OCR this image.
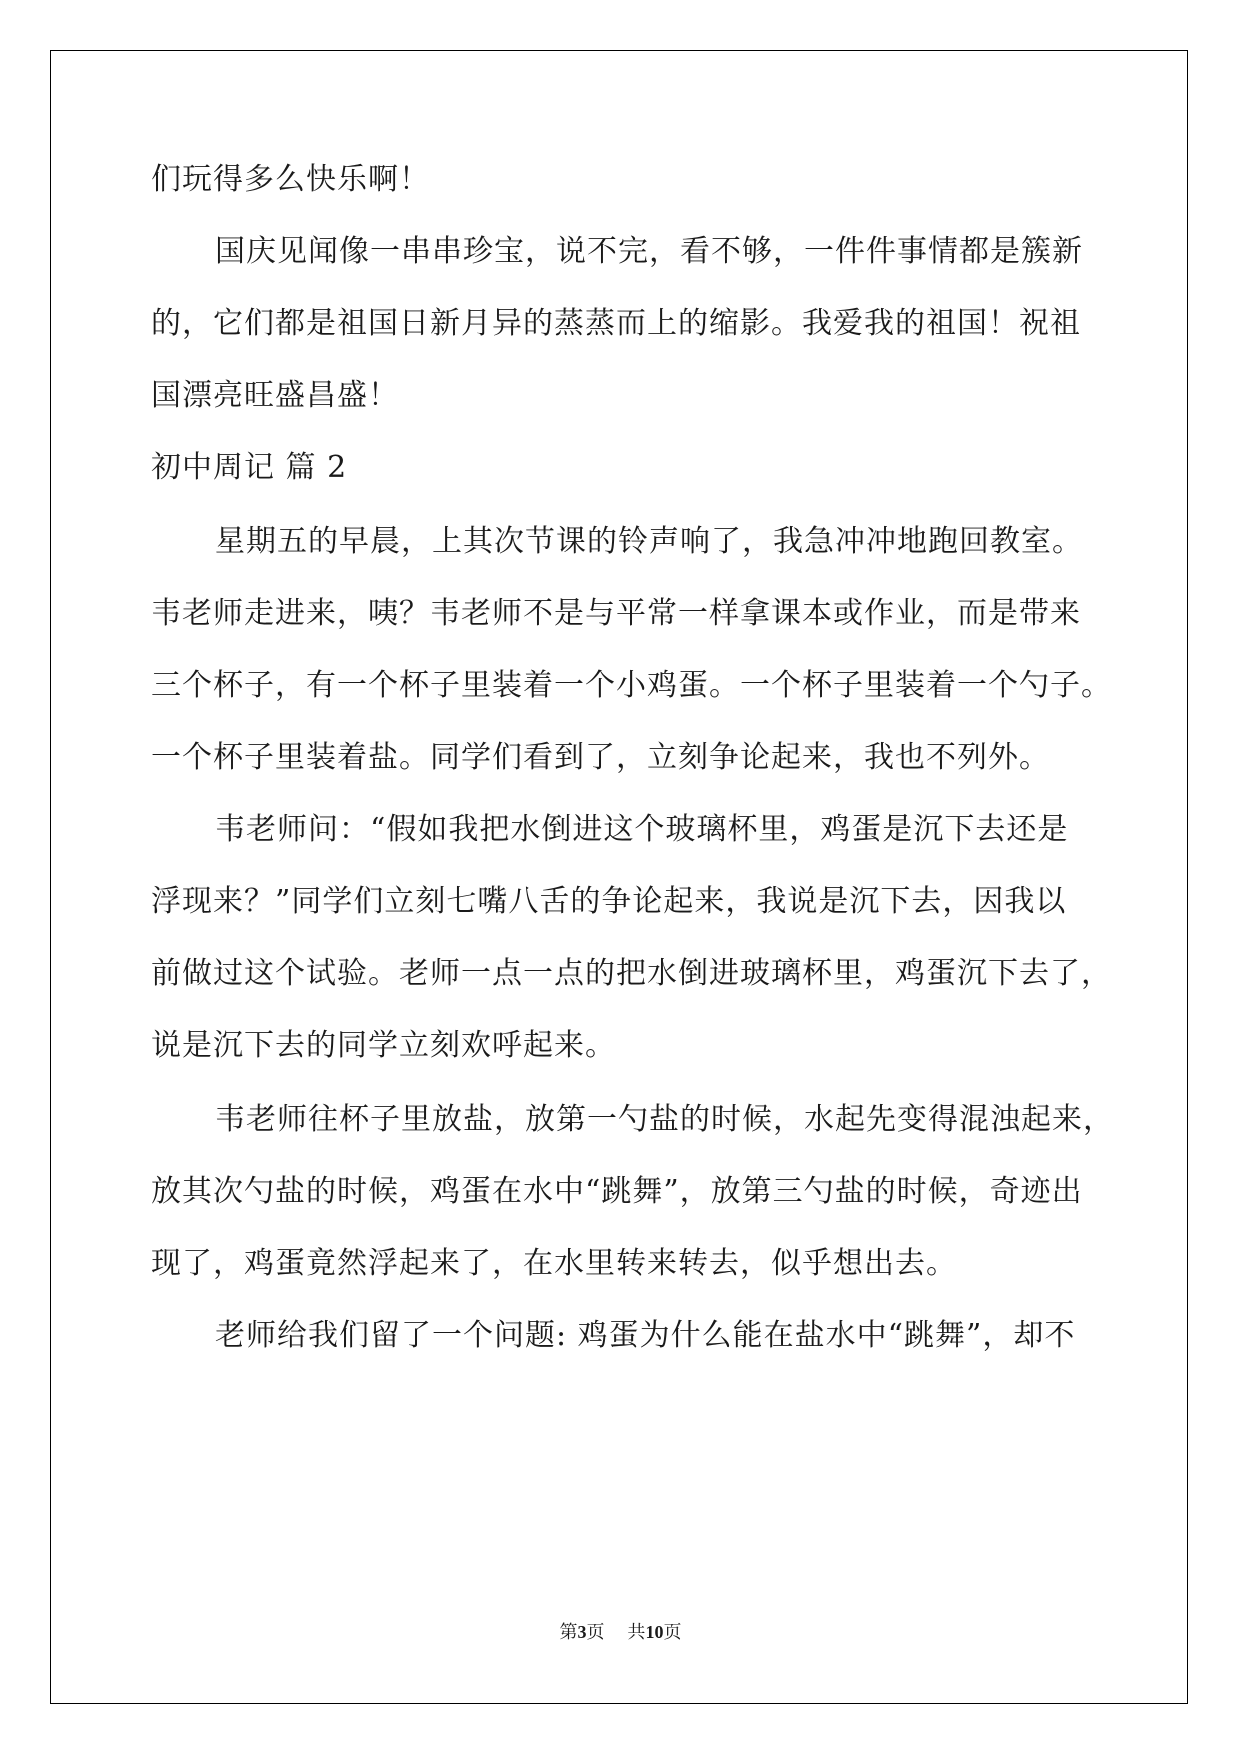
们玩得多么快乐啊！
国庆见闻像一串串珍宝，说不完，看不够，一件件事情都是簇新
的，它们都是祖国日新月异的蒸蒸而上的缩影。我爱我的祖国！祝祖
国漂亮旺盛昌盛！
初中周记 篇 2
星期五的早晨，上其次节课的铃声响了，我急冲冲地跑回教室。
韦老师走进来，咦？韦老师不是与平常一样拿课本或作业，而是带来
三个杯子，有一个杯子里装着一个小鸡蛋。一个杯子里装着一个勺子。
一个杯子里装着盐。同学们看到了，立刻争论起来，我也不列外。
韦老师问：“假如我把水倒进这个玻璃杯里，鸡蛋是沉下去还是
浮现来？”同学们立刻七嘴八舌的争论起来，我说是沉下去，因我以
前做过这个试验。老师一点一点的把水倒进玻璃杯里，鸡蛋沉下去了，
说是沉下去的同学立刻欢呼起来。
韦老师往杯子里放盐，放第一勺盐的时候，水起先变得混浊起来，
放其次勺盐的时候，鸡蛋在水中“跳舞”，放第三勺盐的时候，奇迹出
现了，鸡蛋竟然浮起来了，在水里转来转去，似乎想出去。
老师给我们留了一个问题: 鸡蛋为什么能在盐水中“跳舞”，却不
第3页    共10页
